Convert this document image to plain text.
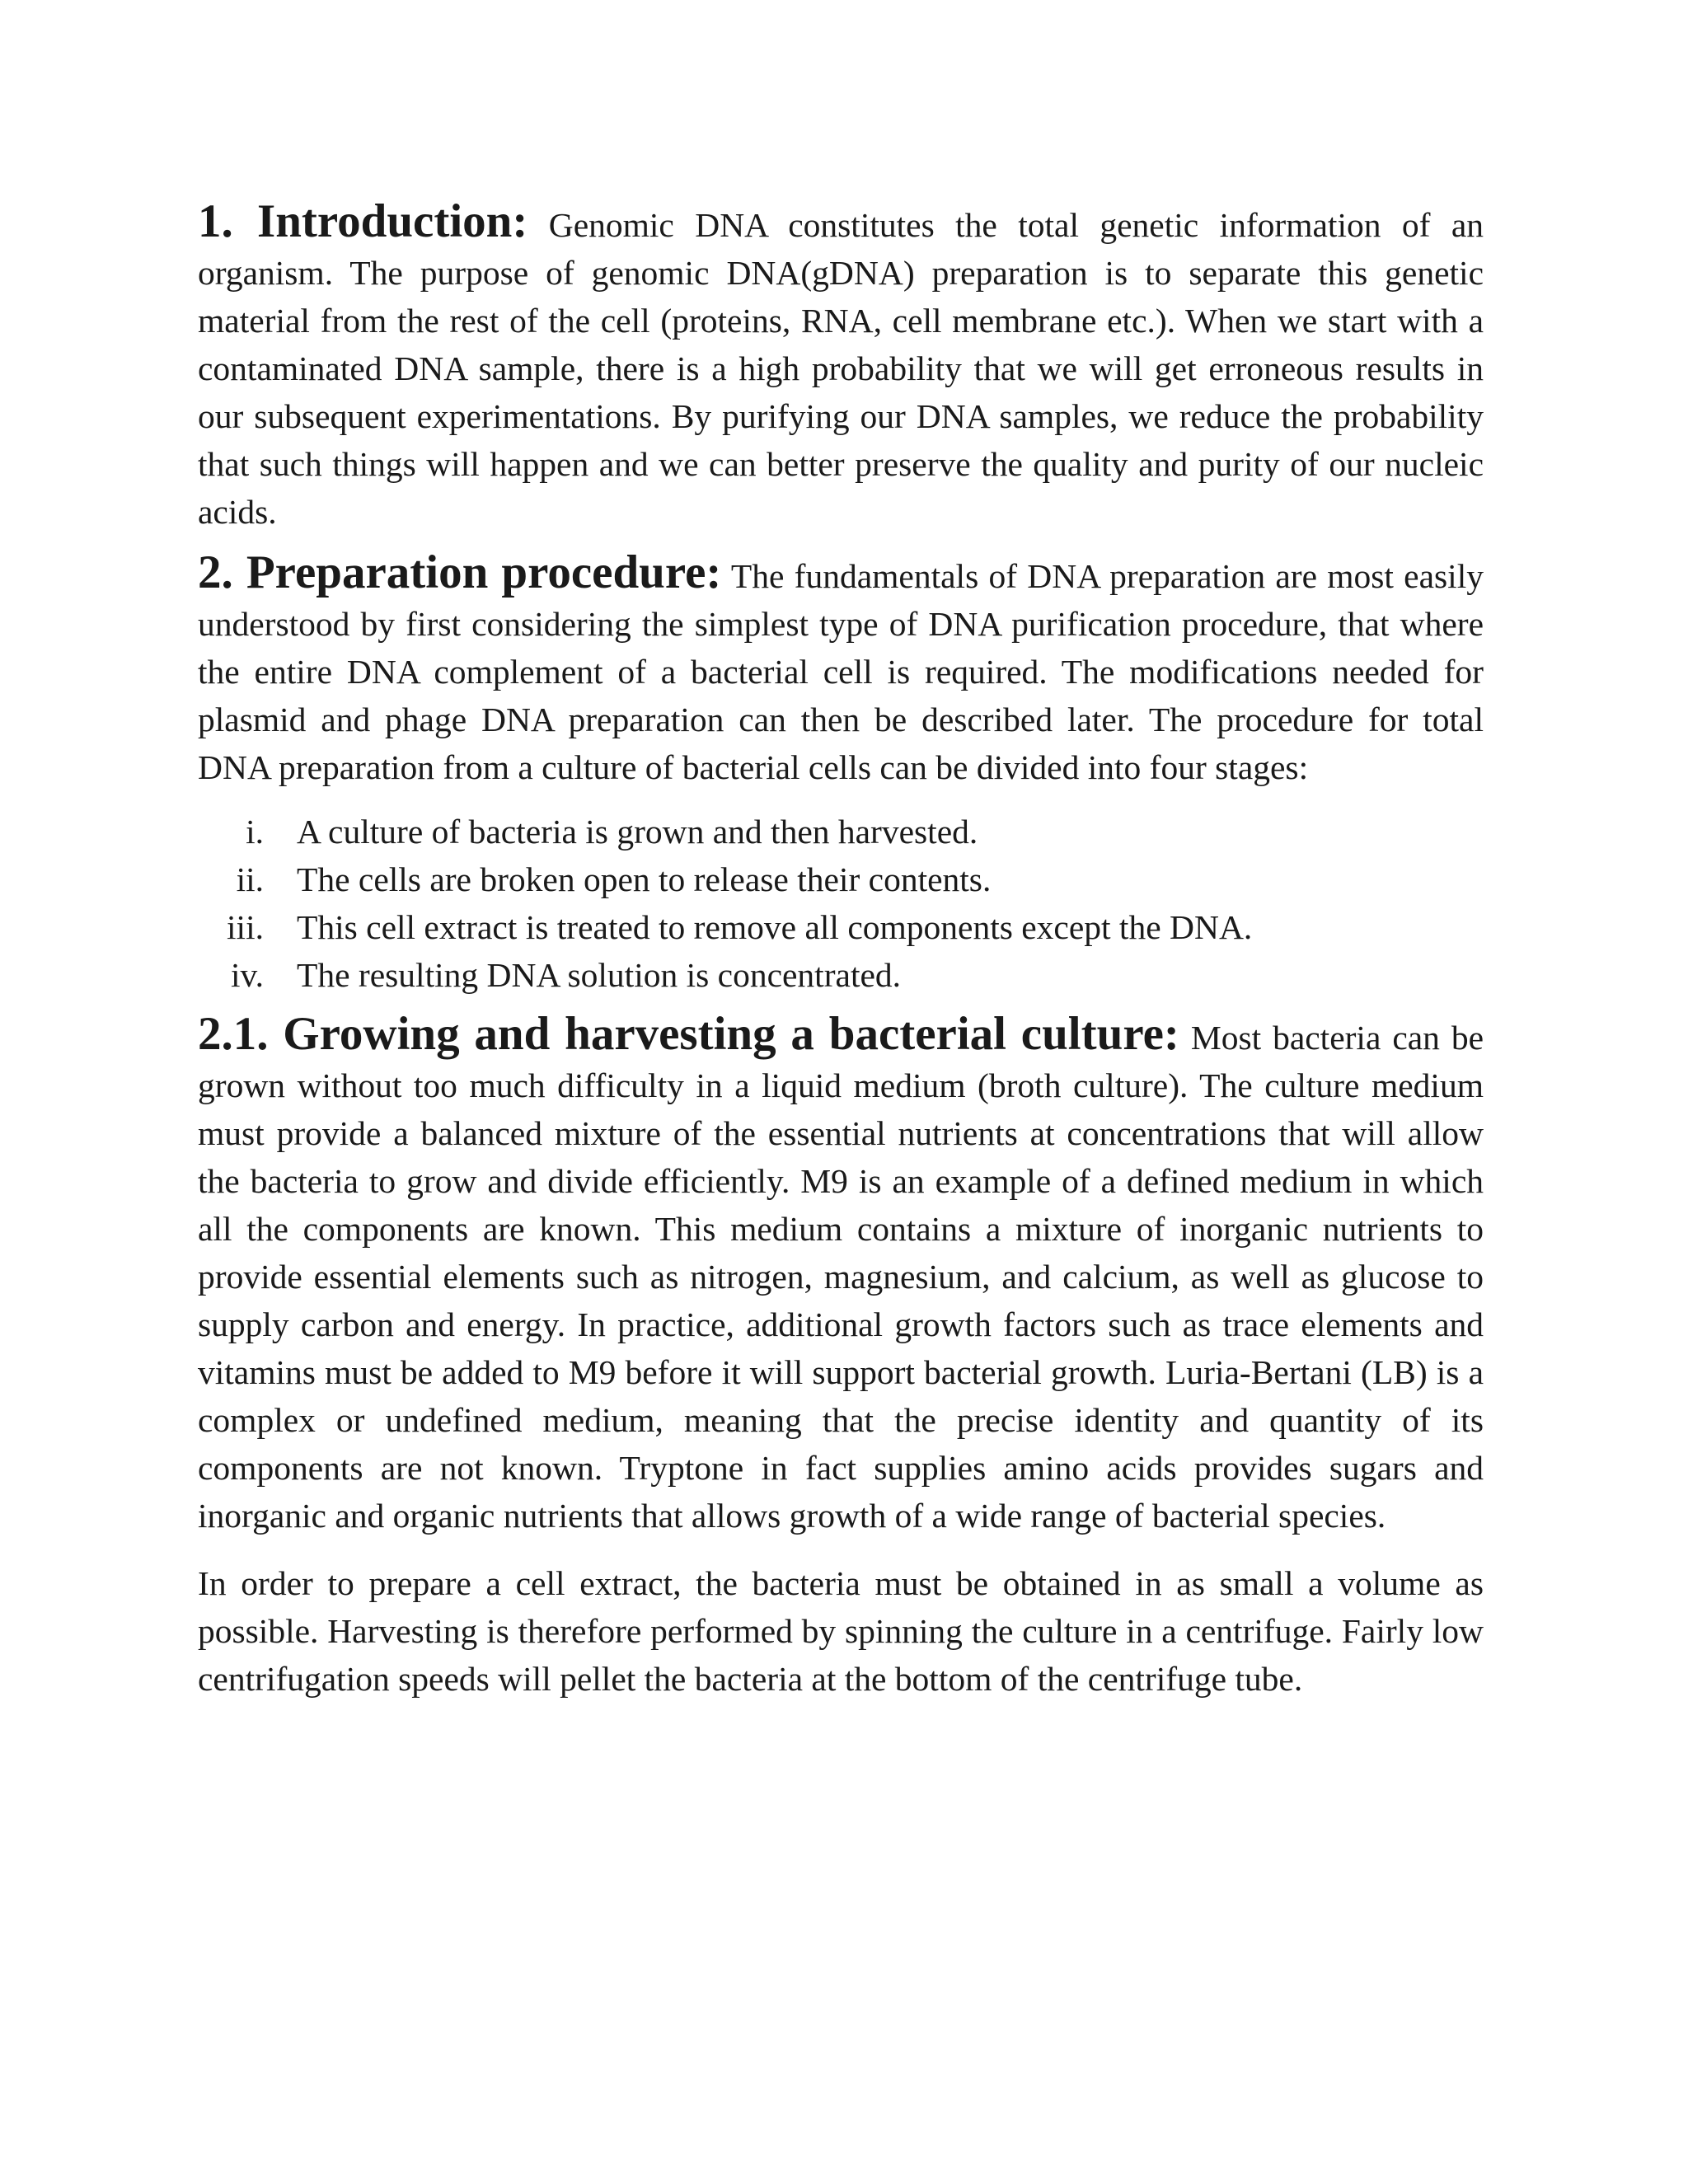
1. Introduction: Genomic DNA constitutes the total genetic information of an organism. The purpose of genomic DNA(gDNA) preparation is to separate this genetic material from the rest of the cell (proteins, RNA, cell membrane etc.). When we start with a contaminated DNA sample, there is a high probability that we will get erroneous results in our subsequent experimentations. By purifying our DNA samples, we reduce the probability that such things will happen and we can better preserve the quality and purity of our nucleic acids.

2. Preparation procedure: The fundamentals of DNA preparation are most easily understood by first considering the simplest type of DNA purification procedure, that where the entire DNA complement of a bacterial cell is required. The modifications needed for plasmid and phage DNA preparation can then be described later. The procedure for total DNA preparation from a culture of bacterial cells can be divided into four stages:

i. A culture of bacteria is grown and then harvested.
ii. The cells are broken open to release their contents.
iii. This cell extract is treated to remove all components except the DNA.
iv. The resulting DNA solution is concentrated.

2.1. Growing and harvesting a bacterial culture: Most bacteria can be grown without too much difficulty in a liquid medium (broth culture). The culture medium must provide a balanced mixture of the essential nutrients at concentrations that will allow the bacteria to grow and divide efficiently. M9 is an example of a defined medium in which all the components are known. This medium contains a mixture of inorganic nutrients to provide essential elements such as nitrogen, magnesium, and calcium, as well as glucose to supply carbon and energy. In practice, additional growth factors such as trace elements and vitamins must be added to M9 before it will support bacterial growth. Luria-Bertani (LB) is a complex or undefined medium, meaning that the precise identity and quantity of its components are not known. Tryptone in fact supplies amino acids provides sugars and inorganic and organic nutrients that allows growth of a wide range of bacterial species.

In order to prepare a cell extract, the bacteria must be obtained in as small a volume as possible. Harvesting is therefore performed by spinning the culture in a centrifuge. Fairly low centrifugation speeds will pellet the bacteria at the bottom of the centrifuge tube.
